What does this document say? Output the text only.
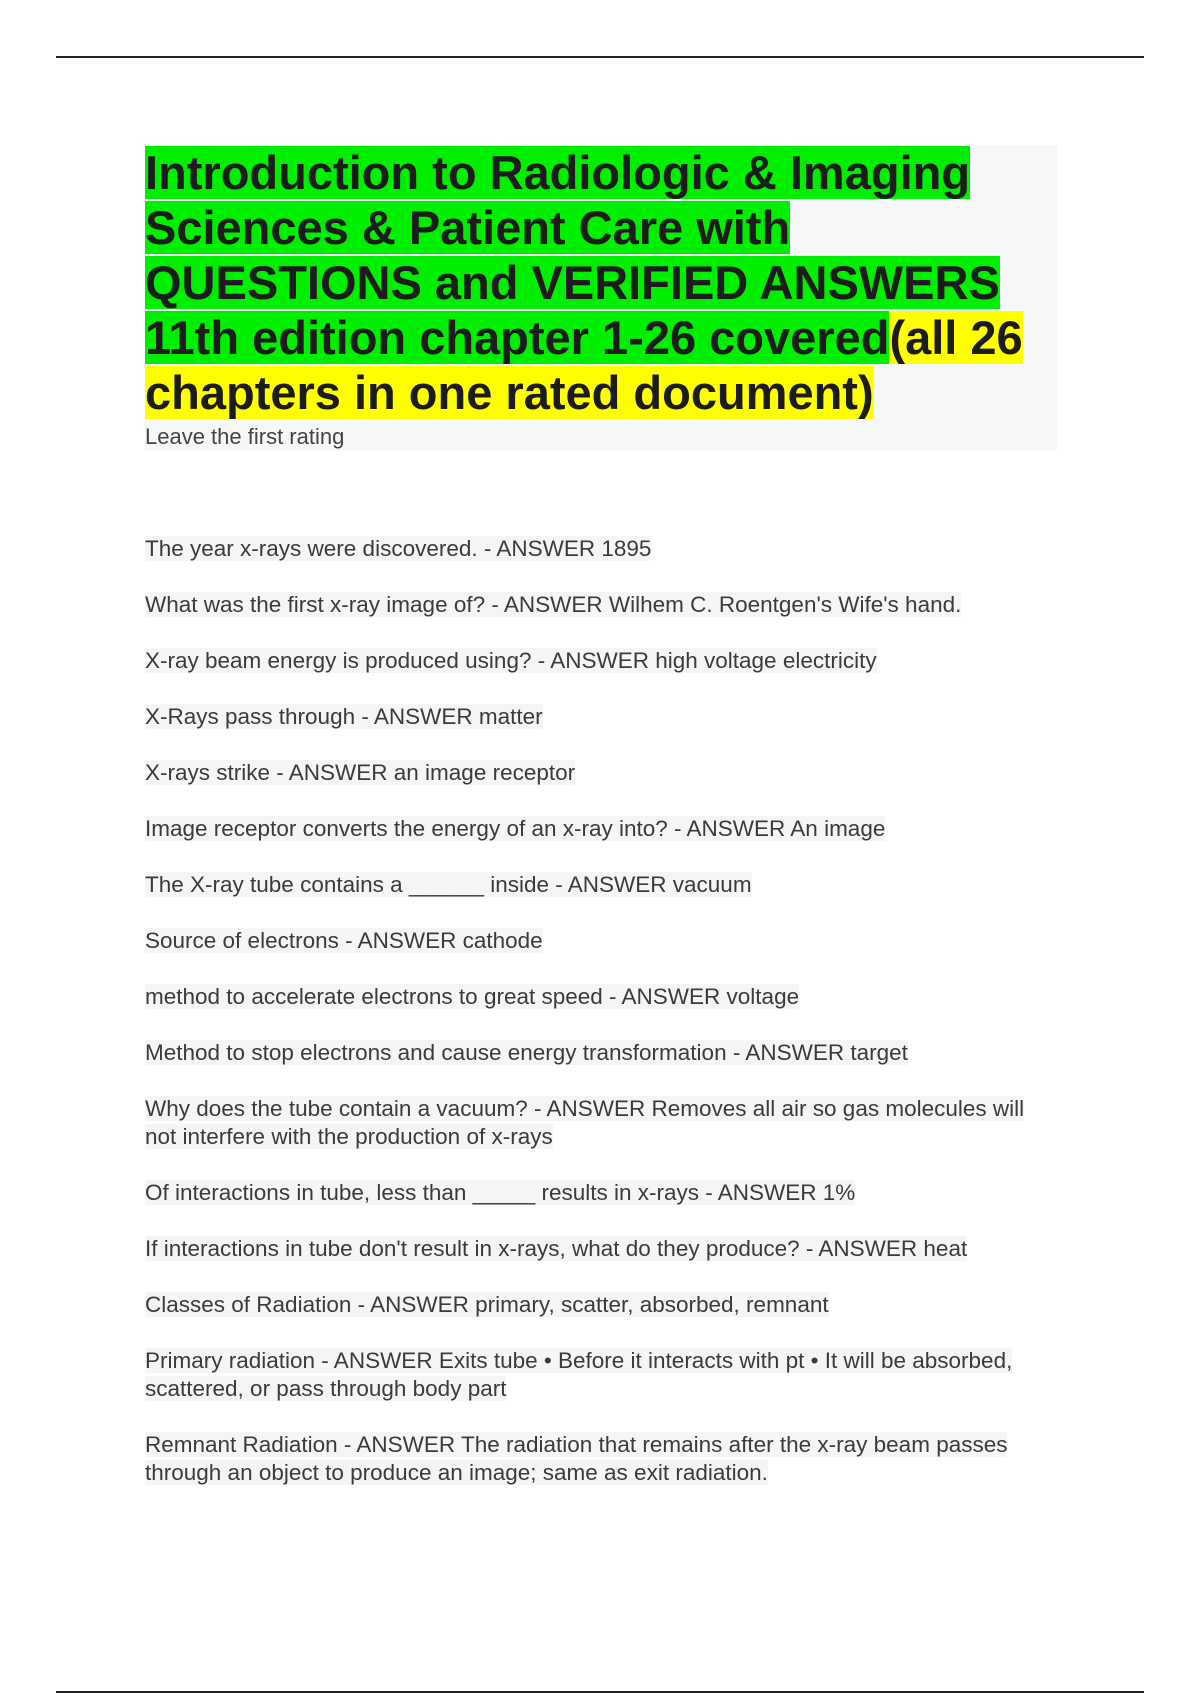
Introduction to Radiologic & Imaging Sciences & Patient Care with QUESTIONS and VERIFIED ANSWERS 11th edition chapter 1-26 covered(all 26 chapters in one rated document)
Leave the first rating
The year x-rays were discovered. - ANSWER 1895
What was the first x-ray image of? - ANSWER Wilhem C. Roentgen's Wife's hand.
X-ray beam energy is produced using? - ANSWER high voltage electricity
X-Rays pass through - ANSWER matter
X-rays strike - ANSWER an image receptor
Image receptor converts the energy of an x-ray into? - ANSWER An image
The X-ray tube contains a ______ inside - ANSWER vacuum
Source of electrons - ANSWER cathode
method to accelerate electrons to great speed - ANSWER voltage
Method to stop electrons and cause energy transformation - ANSWER target
Why does the tube contain a vacuum? - ANSWER Removes all air so gas molecules will not interfere with the production of x-rays
Of interactions in tube, less than _____ results in x-rays - ANSWER 1%
If interactions in tube don't result in x-rays, what do they produce? - ANSWER heat
Classes of Radiation - ANSWER primary, scatter, absorbed, remnant
Primary radiation - ANSWER Exits tube • Before it interacts with pt • It will be absorbed, scattered, or pass through body part
Remnant Radiation - ANSWER The radiation that remains after the x-ray beam passes through an object to produce an image; same as exit radiation.
